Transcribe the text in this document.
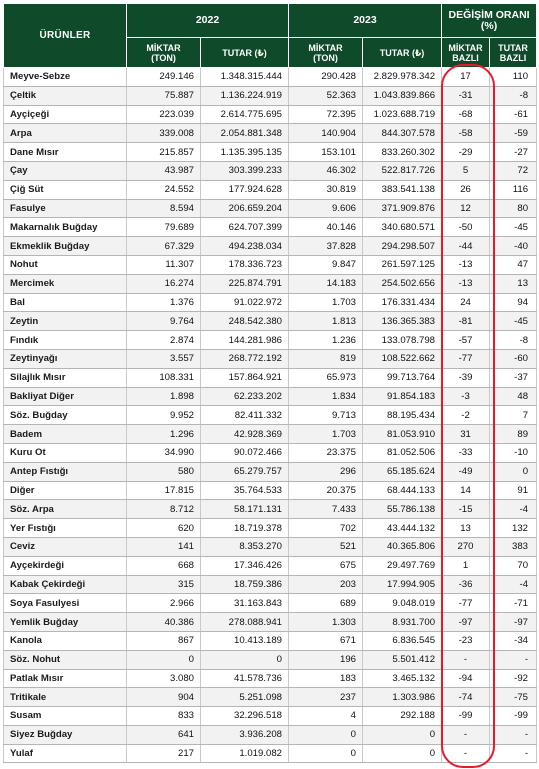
ÜRÜNLER	2022		2023		DEĞİŞİM ORANI (%)	
	MİKTAR (TON)	TUTAR (₺)	MİKTAR (TON)	TUTAR (₺)	MİKTAR BAZLI	TUTAR BAZLI
Meyve-Sebze	249.146	1.348.315.444	290.428	2.829.978.342	17	110
Çeltik	75.887	1.136.224.919	52.363	1.043.839.866	-31	-8
Ayçiçeği	223.039	2.614.775.695	72.395	1.023.688.719	-68	-61
Arpa	339.008	2.054.881.348	140.904	844.307.578	-58	-59
Dane Mısır	215.857	1.135.395.135	153.101	833.260.302	-29	-27
Çay	43.987	303.399.233	46.302	522.817.726	5	72
Çiğ Süt	24.552	177.924.628	30.819	383.541.138	26	116
Fasulye	8.594	206.659.204	9.606	371.909.876	12	80
Makarnalık Buğday	79.689	624.707.399	40.146	340.680.571	-50	-45
Ekmeklik Buğday	67.329	494.238.034	37.828	294.298.507	-44	-40
Nohut	11.307	178.336.723	9.847	261.597.125	-13	47
Mercimek	16.274	225.874.791	14.183	254.502.656	-13	13
Bal	1.376	91.022.972	1.703	176.331.434	24	94
Zeytin	9.764	248.542.380	1.813	136.365.383	-81	-45
Fındık	2.874	144.281.986	1.236	133.078.798	-57	-8
Zeytinyağı	3.557	268.772.192	819	108.522.662	-77	-60
Silajlık Mısır	108.331	157.864.921	65.973	99.713.764	-39	-37
Bakliyat Diğer	1.898	62.233.202	1.834	91.854.183	-3	48
Söz. Buğday	9.952	82.411.332	9.713	88.195.434	-2	7
Badem	1.296	42.928.369	1.703	81.053.910	31	89
Kuru Ot	34.990	90.072.466	23.375	81.052.506	-33	-10
Antep Fıstığı	580	65.279.757	296	65.185.624	-49	0
Diğer	17.815	35.764.533	20.375	68.444.133	14	91
Söz. Arpa	8.712	58.171.131	7.433	55.786.138	-15	-4
Yer Fıstığı	620	18.719.378	702	43.444.132	13	132
Ceviz	141	8.353.270	521	40.365.806	270	383
Ayçekirdeği	668	17.346.426	675	29.497.769	1	70
Kabak Çekirdeği	315	18.759.386	203	17.994.905	-36	-4
Soya Fasulyesi	2.966	31.163.843	689	9.048.019	-77	-71
Yemlik Buğday	40.386	278.088.941	1.303	8.931.700	-97	-97
Kanola	867	10.413.189	671	6.836.545	-23	-34
Söz. Nohut	0	0	196	5.501.412	-	-
Patlak Mısır	3.080	41.578.736	183	3.465.132	-94	-92
Tritikale	904	5.251.098	237	1.303.986	-74	-75
Susam	833	32.296.518	4	292.188	-99	-99
Siyez Buğday	641	3.936.208	0	0	-	-
Yulaf	217	1.019.082	0	0	-	-
